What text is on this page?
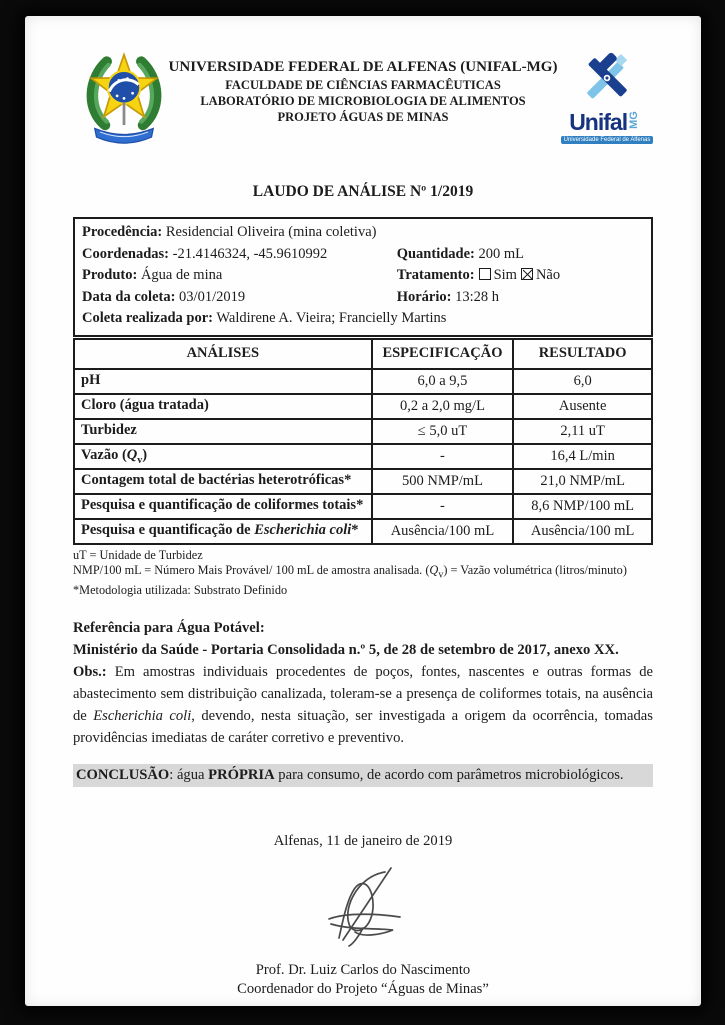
UNIVERSIDADE FEDERAL DE ALFENAS (UNIFAL-MG)
FACULDADE DE CIÊNCIAS FARMACÊUTICAS
LABORATÓRIO DE MICROBIOLOGIA DE ALIMENTOS
PROJETO ÁGUAS DE MINAS	UnifalMG
Universidade Federal de Alfenas
LAUDO DE ANÁLISE Nº 1/2019
Procedência: Residencial Oliveira (mina coletiva)
Coordenadas: -21.4146324, -45.9610992	Quantidade: 200 mL
Produto: Água de mina	Tratamento: Sim Não
Data da coleta: 03/01/2019	Horário: 13:28 h
Coleta realizada por: Waldirene A. Vieira; Francielly Martins
ANÁLISES	ESPECIFICAÇÃO	RESULTADO
pH	6,0 a 9,5	6,0
Cloro (água tratada)	0,2 a 2,0 mg/L	Ausente
Turbidez	≤ 5,0 uT	2,11 uT
Vazão $(Q_v)$	-	16,4 L/min
Contagem total de bactérias heterotróficas*	500 NMP/mL	21,0 NMP/mL
Pesquisa e quantificação de coliformes totais*	-	8,6 NMP/100 mL
Pesquisa e quantificação de Escherichia coli*	Ausência/100 mL	Ausência/100 mL
uT = Unidade de Turbidez
NMP/100 mL = Número Mais Provável/ 100 mL de amostra analisada. $(Q_v)$ = Vazão volumétrica (litros/minuto)
*Metodologia utilizada: Substrato Definido
Referência para Água Potável:
Ministério da Saúde - Portaria Consolidada n.º 5, de 28 de setembro de 2017, anexo XX.
Obs.: Em amostras individuais procedentes de poços, fontes, nascentes e outras formas de abastecimento sem distribuição canalizada, toleram-se a presença de coliformes totais, na ausência de Escherichia coli, devendo, nesta situação, ser investigada a origem da ocorrência, tomadas providências imediatas de caráter corretivo e preventivo.
CONCLUSÃO: água PRÓPRIA para consumo, de acordo com parâmetros microbiológicos.
Alfenas, 11 de janeiro de 2019
Prof. Dr. Luiz Carlos do Nascimento
Coordenador do Projeto “Águas de Minas”
